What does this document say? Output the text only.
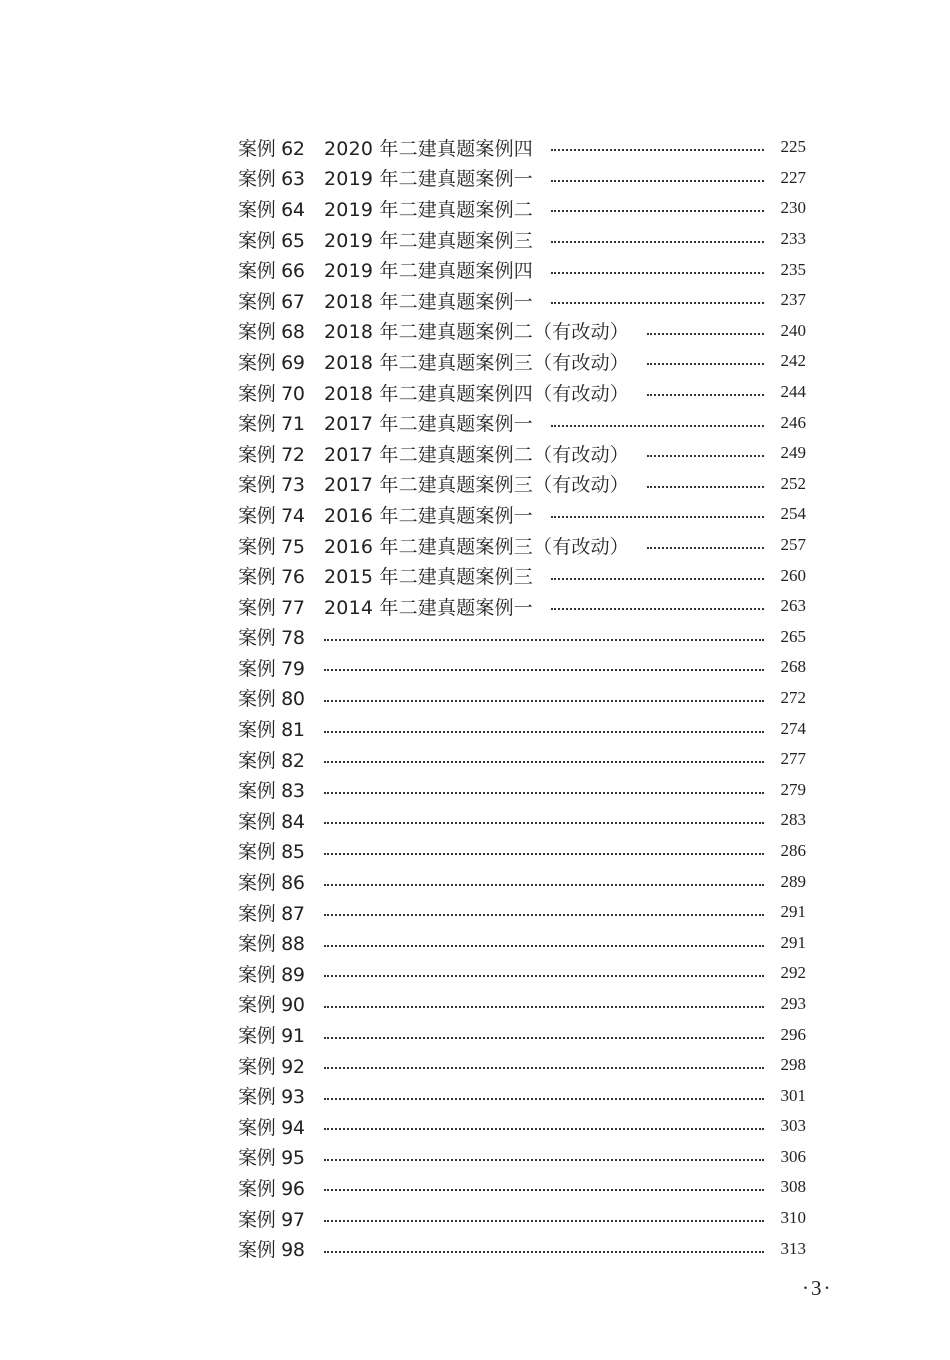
案例 62	2020 年二建真题案例四	225
案例 63	2019 年二建真题案例一	227
案例 64	2019 年二建真题案例二	230
案例 65	2019 年二建真题案例三	233
案例 66	2019 年二建真题案例四	235
案例 67	2018 年二建真题案例一	237
案例 68	2018 年二建真题案例二（有改动）	240
案例 69	2018 年二建真题案例三（有改动）	242
案例 70	2018 年二建真题案例四（有改动）	244
案例 71	2017 年二建真题案例一	246
案例 72	2017 年二建真题案例二（有改动）	249
案例 73	2017 年二建真题案例三（有改动）	252
案例 74	2016 年二建真题案例一	254
案例 75	2016 年二建真题案例三（有改动）	257
案例 76	2015 年二建真题案例三	260
案例 77	2014 年二建真题案例一	263
案例 78	265
案例 79	268
案例 80	272
案例 81	274
案例 82	277
案例 83	279
案例 84	283
案例 85	286
案例 86	289
案例 87	291
案例 88	291
案例 89	292
案例 90	293
案例 91	296
案例 92	298
案例 93	301
案例 94	303
案例 95	306
案例 96	308
案例 97	310
案例 98	313
·3·
